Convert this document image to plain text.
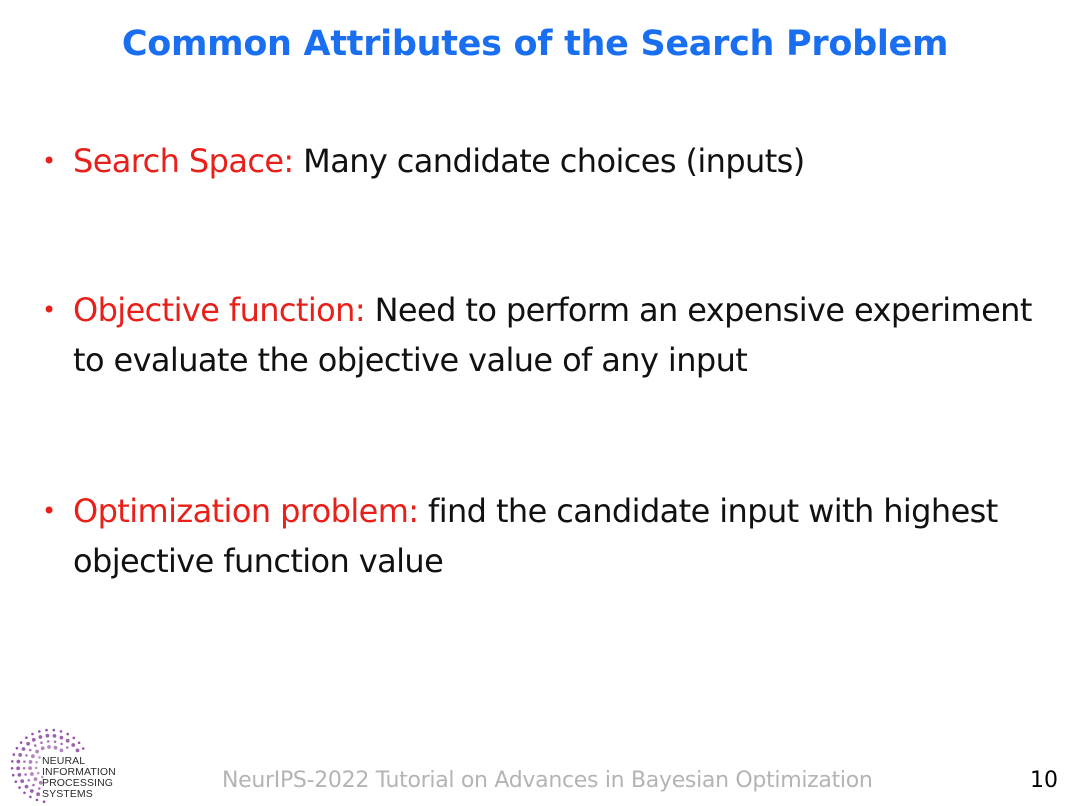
Common Attributes of the Search Problem
• Search Space: Many candidate choices (inputs)
• Objective function: Need to perform an expensive experiment to evaluate the objective value of any input
• Optimization problem: find the candidate input with highest objective function value
NEURAL
INFORMATION
PROCESSING
SYSTEMS
NeurIPS-2022 Tutorial on Advances in Bayesian Optimization	10
